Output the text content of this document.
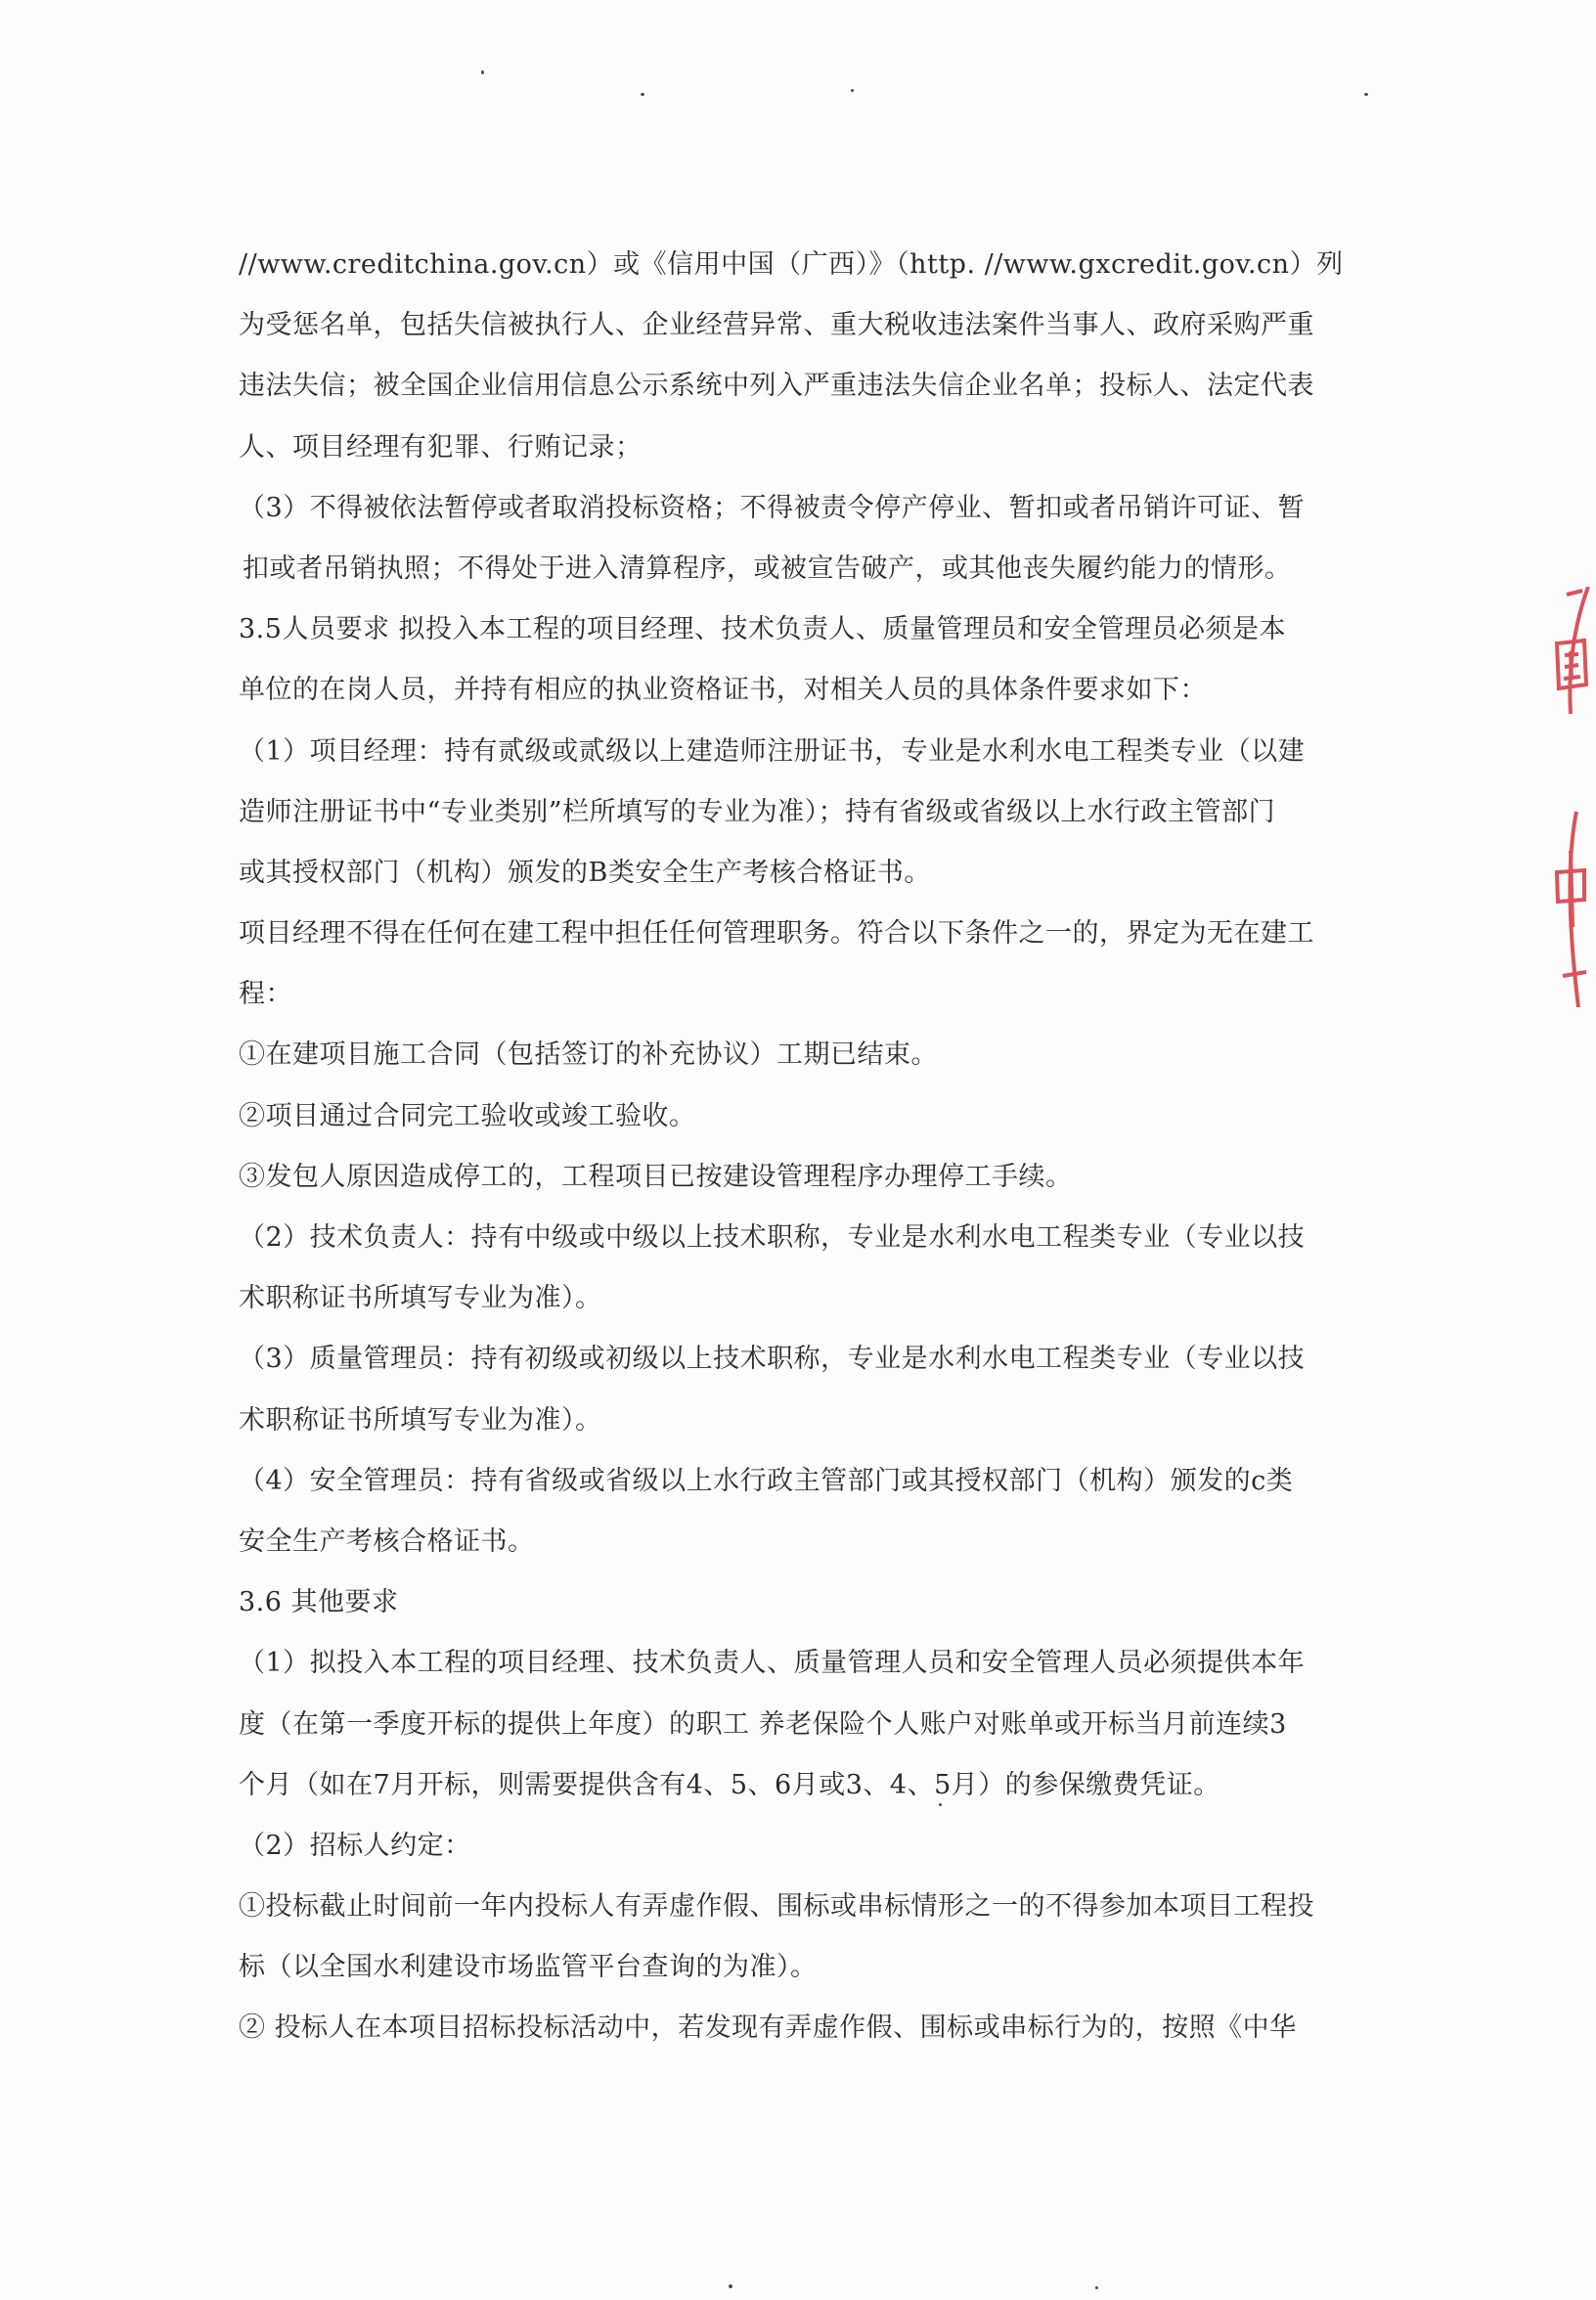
//www.creditchina.gov.cn）或《信用中国（广西）》（http. //www.gxcredit.gov.cn）列
为受惩名单，包括失信被执行人、企业经营异常、重大税收违法案件当事人、政府采购严重
违法失信；被全国企业信用信息公示系统中列入严重违法失信企业名单；投标人、法定代表
人、项目经理有犯罪、行贿记录；
（3）不得被依法暂停或者取消投标资格；不得被责令停产停业、暂扣或者吊销许可证、暂
扣或者吊销执照；不得处于进入清算程序，或被宣告破产，或其他丧失履约能力的情形。
3.5人员要求 拟投入本工程的项目经理、技术负责人、质量管理员和安全管理员必须是本
单位的在岗人员，并持有相应的执业资格证书，对相关人员的具体条件要求如下：
（1）项目经理：持有贰级或贰级以上建造师注册证书，专业是水利水电工程类专业（以建
造师注册证书中“专业类别”栏所填写的专业为准）；持有省级或省级以上水行政主管部门
或其授权部门（机构）颁发的B类安全生产考核合格证书。
项目经理不得在任何在建工程中担任任何管理职务。符合以下条件之一的，界定为无在建工
程：
①在建项目施工合同（包括签订的补充协议）工期已结束。
②项目通过合同完工验收或竣工验收。
③发包人原因造成停工的，工程项目已按建设管理程序办理停工手续。
（2）技术负责人：持有中级或中级以上技术职称，专业是水利水电工程类专业（专业以技
术职称证书所填写专业为准）。
（3）质量管理员：持有初级或初级以上技术职称，专业是水利水电工程类专业（专业以技
术职称证书所填写专业为准）。
（4）安全管理员：持有省级或省级以上水行政主管部门或其授权部门（机构）颁发的c类
安全生产考核合格证书。
3.6 其他要求
（1）拟投入本工程的项目经理、技术负责人、质量管理人员和安全管理人员必须提供本年
度（在第一季度开标的提供上年度）的职工 养老保险个人账户对账单或开标当月前连续3
个月（如在7月开标，则需要提供含有4、5、6月或3、4、5月）的参保缴费凭证。
（2）招标人约定：
①投标截止时间前一年内投标人有弄虚作假、围标或串标情形之一的不得参加本项目工程投
标（以全国水利建设市场监管平台查询的为准）。
② 投标人在本项目招标投标活动中，若发现有弄虚作假、围标或串标行为的，按照《中华
